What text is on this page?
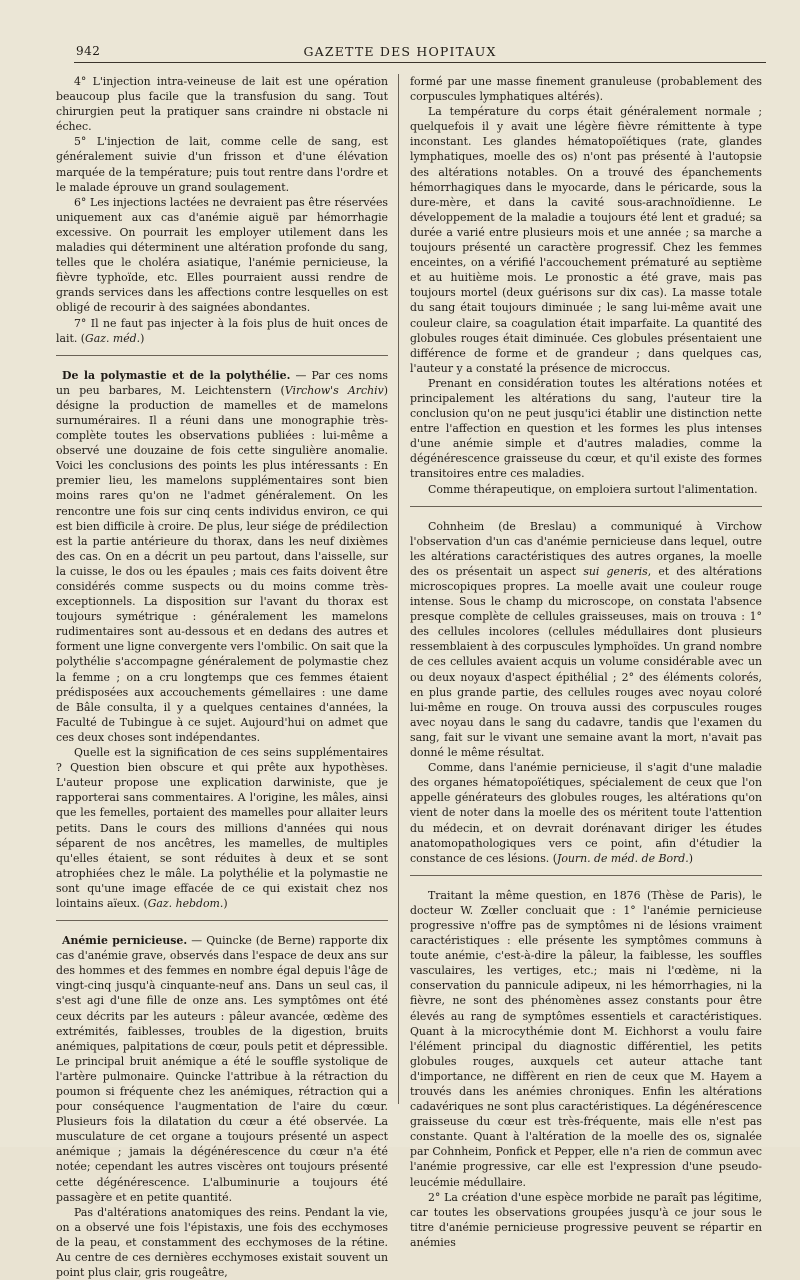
942	GAZETTE DES HOPITAUX

4° L'injection intra-veineuse de lait est une opération beaucoup plus facile que la transfusion du sang. Tout chirurgien peut la pratiquer sans craindre ni obstacle ni échec.

5° L'injection de lait, comme celle de sang, est généralement suivie d'un frisson et d'une élévation marquée de la température; puis tout rentre dans l'ordre et le malade éprouve un grand soulagement.

6° Les injections lactées ne devraient pas être réservées uniquement aux cas d'anémie aiguë par hémorrhagie excessive. On pourrait les employer utilement dans les maladies qui déterminent une altération profonde du sang, telles que le choléra asiatique, l'anémie pernicieuse, la fièvre typhoïde, etc. Elles pourraient aussi rendre de grands services dans les affections contre lesquelles on est obligé de recourir à des saignées abondantes.

7° Il ne faut pas injecter à la fois plus de huit onces de lait. (Gaz. méd.)

De la polymastie et de la polythélie. — Par ces noms un peu barbares, M. Leichtenstern (Virchow's Archiv) désigne la production de mamelles et de mamelons surnuméraires. Il a réuni dans une monographie très-complète toutes les observations publiées : lui-même a observé une douzaine de fois cette singulière anomalie. Voici les conclusions des points les plus intéressants : En premier lieu, les mamelons supplémentaires sont bien moins rares qu'on ne l'admet généralement. On les rencontre une fois sur cinq cents individus environ, ce qui est bien difficile à croire. De plus, leur siége de prédilection est la partie antérieure du thorax, dans les neuf dixièmes des cas. On en a décrit un peu partout, dans l'aisselle, sur la cuisse, le dos ou les épaules ; mais ces faits doivent être considérés comme suspects ou du moins comme très-exceptionnels. La disposition sur l'avant du thorax est toujours symétrique : généralement les mamelons rudimentaires sont au-dessous et en dedans des autres et forment une ligne convergente vers l'ombilic. On sait que la polythélie s'accompagne généralement de polymastie chez la femme ; on a cru longtemps que ces femmes étaient prédisposées aux accouchements gémellaires : une dame de Bâle consulta, il y a quelques centaines d'années, la Faculté de Tubingue à ce sujet. Aujourd'hui on admet que ces deux choses sont indépendantes.

Quelle est la signification de ces seins supplémentaires ? Question bien obscure et qui prête aux hypothèses. L'auteur propose une explication darwiniste, que je rapporterai sans commentaires. A l'origine, les mâles, ainsi que les femelles, portaient des mamelles pour allaiter leurs petits. Dans le cours des millions d'années qui nous séparent de nos ancêtres, les mamelles, de multiples qu'elles étaient, se sont réduites à deux et se sont atrophiées chez le mâle. La polythélie et la polymastie ne sont qu'une image effacée de ce qui existait chez nos lointains aïeux. (Gaz. hebdom.)

Anémie pernicieuse. — Quincke (de Berne) rapporte dix cas d'anémie grave, observés dans l'espace de deux ans sur des hommes et des femmes en nombre égal depuis l'âge de vingt-cinq jusqu'à cinquante-neuf ans. Dans un seul cas, il s'est agi d'une fille de onze ans. Les symptômes ont été ceux décrits par les auteurs : pâleur avancée, œdème des extrémités, faiblesses, troubles de la digestion, bruits anémiques, palpitations de cœur, pouls petit et dépressible. Le principal bruit anémique a été le souffle systolique de l'artère pulmonaire. Quincke l'attribue à la rétraction du poumon si fréquente chez les anémiques, rétraction qui a pour conséquence l'augmentation de l'aire du cœur. Plusieurs fois la dilatation du cœur a été observée. La musculature de cet organe a toujours présenté un aspect anémique ; jamais la dégénérescence du cœur n'a été notée; cependant les autres viscères ont toujours présenté cette dégénérescence. L'albuminurie a toujours été passagère et en petite quantité.

Pas d'altérations anatomiques des reins. Pendant la vie, on a observé une fois l'épistaxis, une fois des ecchymoses de la peau, et constamment des ecchymoses de la rétine. Au centre de ces dernières ecchymoses existait souvent un point plus clair, gris rougeâtre,

formé par une masse finement granuleuse (probablement des corpuscules lymphatiques altérés).

La température du corps était généralement normale ; quelquefois il y avait une légère fièvre rémittente à type inconstant. Les glandes hématopoïétiques (rate, glandes lymphatiques, moelle des os) n'ont pas présenté à l'autopsie des altérations notables. On a trouvé des épanchements hémorrhagiques dans le myocarde, dans le péricarde, sous la dure-mère, et dans la cavité sous-arachnoïdienne. Le développement de la maladie a toujours été lent et gradué; sa durée a varié entre plusieurs mois et une année ; sa marche a toujours présenté un caractère progressif. Chez les femmes enceintes, on a vérifié l'accouchement prématuré au septième et au huitième mois. Le pronostic a été grave, mais pas toujours mortel (deux guérisons sur dix cas). La masse totale du sang était toujours diminuée ; le sang lui-même avait une couleur claire, sa coagulation était imparfaite. La quantité des globules rouges était diminuée. Ces globules présentaient une différence de forme et de grandeur ; dans quelques cas, l'auteur y a constaté la présence de microccus.

Prenant en considération toutes les altérations notées et principalement les altérations du sang, l'auteur tire la conclusion qu'on ne peut jusqu'ici établir une distinction nette entre l'affection en question et les formes les plus intenses d'une anémie simple et d'autres maladies, comme la dégénérescence graisseuse du cœur, et qu'il existe des formes transitoires entre ces maladies.

Comme thérapeutique, on emploiera surtout l'alimentation.

Cohnheim (de Breslau) a communiqué à Virchow l'observation d'un cas d'anémie pernicieuse dans lequel, outre les altérations caractéristiques des autres organes, la moelle des os présentait un aspect sui generis, et des altérations microscopiques propres. La moelle avait une couleur rouge intense. Sous le champ du microscope, on constata l'absence presque complète de cellules graisseuses, mais on trouva : 1° des cellules incolores (cellules médullaires dont plusieurs ressemblaient à des corpuscules lymphoïdes. Un grand nombre de ces cellules avaient acquis un volume considérable avec un ou deux noyaux d'aspect épithélial ; 2° des éléments colorés, en plus grande partie, des cellules rouges avec noyau coloré lui-même en rouge. On trouva aussi des corpuscules rouges avec noyau dans le sang du cadavre, tandis que l'examen du sang, fait sur le vivant une semaine avant la mort, n'avait pas donné le même résultat.

Comme, dans l'anémie pernicieuse, il s'agit d'une maladie des organes hématopoïétiques, spécialement de ceux que l'on appelle générateurs des globules rouges, les altérations qu'on vient de noter dans la moelle des os méritent toute l'attention du médecin, et on devrait dorénavant diriger les études anatomopathologiques vers ce point, afin d'étudier la constance de ces lésions. (Journ. de méd. de Bord.)

Traitant la même question, en 1876 (Thèse de Paris), le docteur W. Zœller concluait que : 1° l'anémie pernicieuse progressive n'offre pas de symptômes ni de lésions vraiment caractéristiques : elle présente les symptômes communs à toute anémie, c'est-à-dire la pâleur, la faiblesse, les souffles vasculaires, les vertiges, etc.; mais ni l'œdème, ni la conservation du pannicule adipeux, ni les hémorrhagies, ni la fièvre, ne sont des phénomènes assez constants pour être élevés au rang de symptômes essentiels et caractéristiques. Quant à la microcythémie dont M. Eichhorst a voulu faire l'élément principal du diagnostic différentiel, les petits globules rouges, auxquels cet auteur attache tant d'importance, ne diffèrent en rien de ceux que M. Hayem a trouvés dans les anémies chroniques. Enfin les altérations cadavériques ne sont plus caractéristiques. La dégénérescence graisseuse du cœur est très-fréquente, mais elle n'est pas constante. Quant à l'altération de la moelle des os, signalée par Cohnheim, Ponfick et Pepper, elle n'a rien de commun avec l'anémie progressive, car elle est l'expression d'une pseudo-leucémie médullaire.

2° La création d'une espèce morbide ne paraît pas légitime, car toutes les observations groupées jusqu'à ce jour sous le titre d'anémie pernicieuse progressive peuvent se répartir en anémies
